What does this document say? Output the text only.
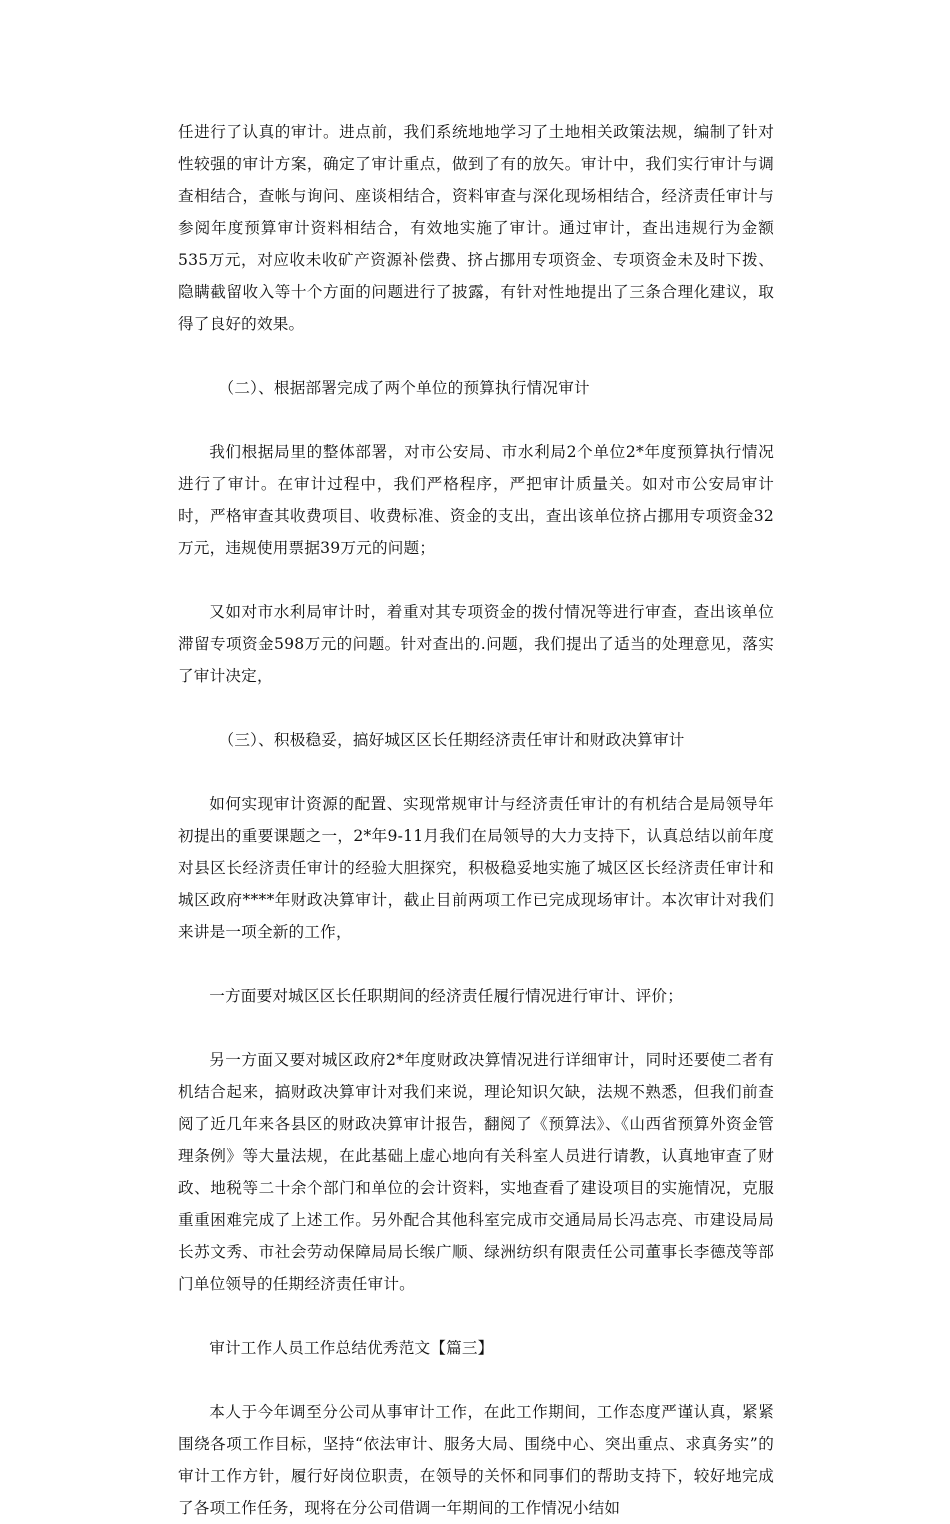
任进行了认真的审计。进点前，我们系统地地学习了土地相关政策法规，编制了针对性较强的审计方案，确定了审计重点，做到了有的放矢。审计中，我们实行审计与调查相结合，查帐与询问、座谈相结合，资料审查与深化现场相结合，经济责任审计与参阅年度预算审计资料相结合，有效地实施了审计。通过审计，查出违规行为金额535万元，对应收未收矿产资源补偿费、挤占挪用专项资金、专项资金未及时下拨、隐瞒截留收入等十个方面的问题进行了披露，有针对性地提出了三条合理化建议，取得了良好的效果。

（二）、根据部署完成了两个单位的预算执行情况审计

我们根据局里的整体部署，对市公安局、市水利局2个单位2*年度预算执行情况进行了审计。在审计过程中，我们严格程序，严把审计质量关。如对市公安局审计时，严格审查其收费项目、收费标准、资金的支出，查出该单位挤占挪用专项资金32万元，违规使用票据39万元的问题；

又如对市水利局审计时，着重对其专项资金的拨付情况等进行审查，查出该单位滞留专项资金598万元的问题。针对查出的.问题，我们提出了适当的处理意见，落实了审计决定，

（三）、积极稳妥，搞好城区区长任期经济责任审计和财政决算审计

如何实现审计资源的配置、实现常规审计与经济责任审计的有机结合是局领导年初提出的重要课题之一，2*年9-11月我们在局领导的大力支持下，认真总结以前年度对县区长经济责任审计的经验大胆探究，积极稳妥地实施了城区区长经济责任审计和城区政府****年财政决算审计，截止目前两项工作已完成现场审计。本次审计对我们来讲是一项全新的工作，

一方面要对城区区长任职期间的经济责任履行情况进行审计、评价；

另一方面又要对城区政府2*年度财政决算情况进行详细审计，同时还要使二者有机结合起来，搞财政决算审计对我们来说，理论知识欠缺，法规不熟悉，但我们前查阅了近几年来各县区的财政决算审计报告，翻阅了《预算法》、《山西省预算外资金管理条例》等大量法规，在此基础上虚心地向有关科室人员进行请教，认真地审查了财政、地税等二十余个部门和单位的会计资料，实地查看了建设项目的实施情况，克服重重困难完成了上述工作。另外配合其他科室完成市交通局局长冯志亮、市建设局局长苏文秀、市社会劳动保障局局长缑广顺、绿洲纺织有限责任公司董事长李德茂等部门单位领导的任期经济责任审计。

审计工作人员工作总结优秀范文【篇三】

本人于今年调至分公司从事审计工作，在此工作期间，工作态度严谨认真，紧紧围绕各项工作目标，坚持“依法审计、服务大局、围绕中心、突出重点、求真务实”的审计工作方针，履行好岗位职责，在领导的关怀和同事们的帮助支持下，较好地完成了各项工作任务，现将在分公司借调一年期间的工作情况小结如
